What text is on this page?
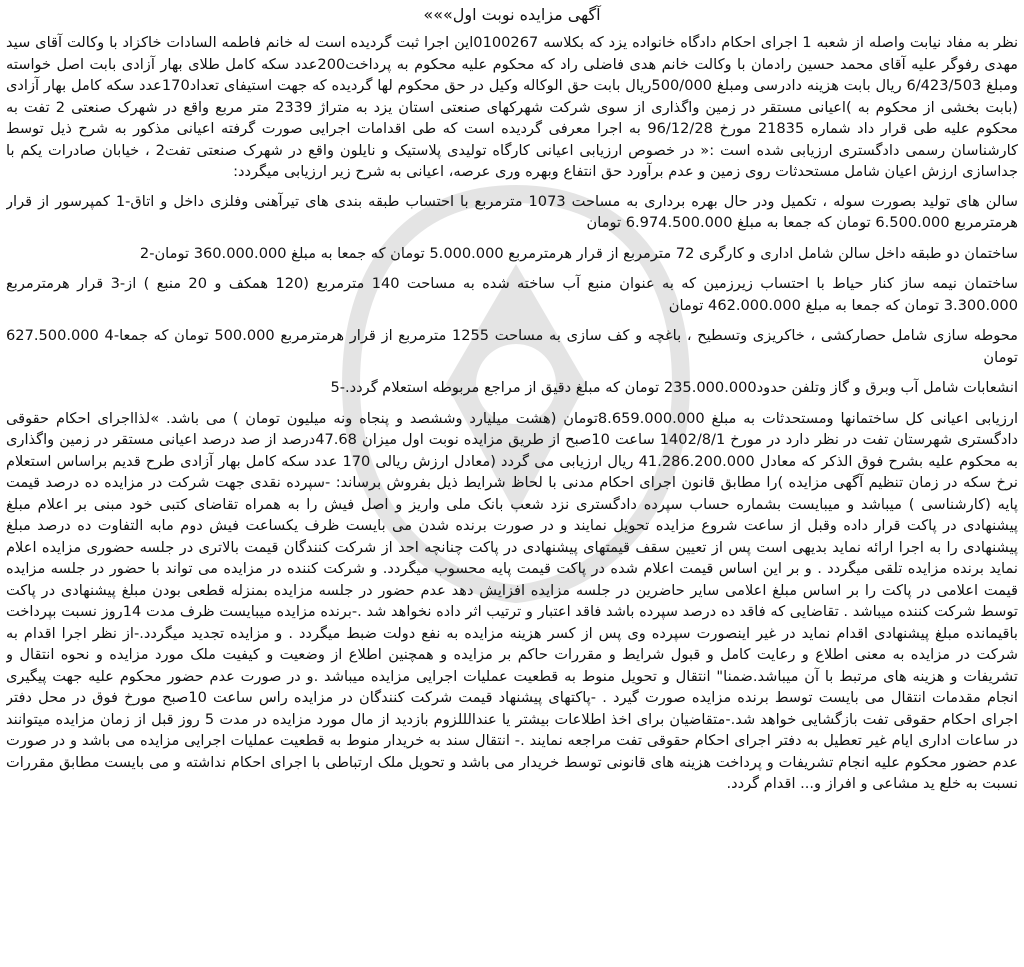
آگهی مزایده نوبت اول»»»

نظر به مفاد نیابت واصله از شعبه 1 اجرای احکام دادگاه خانواده یزد که بکلاسه 0100267این اجرا ثبت گردیده است له خانم فاطمه السادات خاکزاد با وکالت آقای سید مهدی رفوگر علیه آقای محمد حسین رادمان با وکالت خانم هدی فاضلی راد که محکوم علیه محکوم به پرداخت200عدد سکه کامل طلای بهار آزادی بابت اصل خواسته ومبلغ 6/423/503 ریال بابت هزینه دادرسی ومبلغ 500/000ریال بابت حق الوکاله وکیل در حق محکوم لها گردیده که جهت استیفای تعداد170عدد سکه کامل بهار آزادی (بابت بخشی از محکوم به )اعیانی مستقر در زمین واگذاری از سوی شرکت شهرکهای صنعتی استان یزد به متراژ 2339 متر مربع واقع در شهرک صنعتی 2 تفت به محکوم علیه طی قرار داد شماره 21835 مورخ 96/12/28 به اجرا معرفی گردیده است که طی اقدامات اجرایی صورت گرفته اعیانی مذکور به شرح ذیل توسط کارشناسان رسمی دادگستری ارزیابی شده است :« در خصوص ارزیابی اعیانی کارگاه تولیدی پلاستیک و نایلون واقع در شهرک صنعتی تفت2 ، خیابان صادرات یکم با جداسازی ارزش اعیان شامل مستحدثات روی زمین و عدم برآورد حق انتفاع وبهره وری عرصه، اعیانی به شرح زیر ارزیابی میگردد:

سالن های تولید بصورت سوله ، تکمیل ودر حال بهره برداری به مساحت 1073 مترمربع با احتساب طبقه بندی های تیرآهنی وفلزی داخل و اتاق-1 کمپرسور از قرار هرمترمربع 6.500.000 تومان که جمعا به مبلغ 6.974.500.000 تومان

ساختمان دو طبقه داخل سالن شامل اداری و کارگری 72 مترمربع از قرار هرمترمربع 5.000.000 تومان که جمعا به مبلغ 360.000.000 تومان-2

ساختمان نیمه ساز کنار حیاط با احتساب زیرزمین که به عنوان منبع آب ساخته شده به مساحت 140 مترمربع (120 همکف و 20 منبع ) از-3 قرار هرمترمربع 3.300.000 تومان که جمعا به مبلغ 462.000.000 تومان

محوطه سازی شامل حصارکشی ، خاکریزی وتسطیح ، باغچه و کف سازی به مساحت 1255 مترمربع از قرار هرمترمربع 500.000 تومان که جمعا-4 627.500.000 تومان

انشعابات شامل آب وبرق و گاز وتلفن حدود235.000.000 تومان که مبلغ دقیق از مراجع مربوطه استعلام گردد.-5

ارزیابی اعیانی کل ساختمانها ومستحدثات به مبلغ 8.659.000.000تومان (هشت میلیارد وششصد و پنجاه ونه میلیون تومان ) می باشد. »لذااجرای احکام حقوقی دادگستری شهرستان تفت در نظر دارد در مورخ 1402/8/1 ساعت 10صبح از طریق مزایده نوبت اول میزان 47.68درصد از صد درصد اعیانی مستقر در زمین واگذاری به محکوم علیه بشرح فوق الذکر که معادل 41.286.200.000 ریال ارزیابی می گردد (معادل ارزش ریالی 170 عدد سکه کامل بهار آزادی طرح قدیم براساس استعلام نرخ سکه در زمان تنظیم آگهی مزایده )را مطابق قانون اجرای احکام مدنی با لحاظ شرایط ذیل بفروش برساند: -سپرده نقدی جهت شرکت در مزایده ده درصد قیمت پایه (کارشناسی ) میباشد و میبایست بشماره حساب سپرده دادگستری نزد شعب بانک ملی واریز و اصل فیش را به همراه تقاضای کتبی خود مبنی بر اعلام مبلغ پیشنهادی در پاکت قرار داده وقبل از ساعت شروع مزایده تحویل نمایند و در صورت برنده شدن می بایست ظرف یکساعت فیش دوم مابه التفاوت ده درصد مبلغ پیشنهادی را به اجرا ارائه نماید بدیهی است پس از تعیین سقف قیمتهای پیشنهادی در پاکت چنانچه احد از شرکت کنندگان قیمت بالاتری در جلسه حضوری مزایده اعلام نماید برنده مزایده تلقی میگردد . و بر این اساس قیمت اعلام شده در پاکت قیمت پایه محسوب میگردد. و شرکت کننده در مزایده می تواند با حضور در جلسه مزایده قیمت اعلامی در پاکت را بر اساس مبلغ اعلامی سایر حاضرین در جلسه مزایده افزایش دهد عدم حضور در جلسه مزایده بمنزله قطعی بودن مبلغ پیشنهادی در پاکت توسط شرکت کننده میباشد . تقاضایی که فاقد ده درصد سپرده باشد فاقد اعتبار و ترتیب اثر داده نخواهد شد .-برنده مزایده میبایست ظرف مدت 14روز نسبت بپرداخت باقیمانده مبلغ پیشنهادی اقدام نماید در غیر اینصورت سپرده وی پس از کسر هزینه مزایده به نفع دولت ضبط میگردد . و مزایده تجدید میگردد.-از نظر اجرا اقدام به شرکت در مزایده به معنی اطلاع و رعایت کامل و قبول شرایط و مقررات حاکم بر مزایده و همچنین اطلاع از وضعیت و کیفیت ملک مورد مزایده و نحوه انتقال و تشریفات و هزینه های مرتبط با آن میباشد.ضمنا" انتقال و تحویل منوط به قطعیت عملیات اجرایی مزایده میباشد .و در صورت عدم حضور محکوم علیه جهت پیگیری انجام مقدمات انتقال می بایست توسط برنده مزایده صورت گیرد . -پاکتهای پیشنهاد قیمت شرکت کنندگان در مزایده راس ساعت 10صبح مورخ فوق در محل دفتر اجرای احکام حقوقی تفت بازگشایی خواهد شد.-متقاضیان برای اخذ اطلاعات بیشتر یا عندالللزوم بازدید از مال مورد مزایده در مدت 5 روز قبل از زمان مزایده میتوانند در ساعات اداری ایام غیر تعطیل به دفتر اجرای احکام حقوقی تفت مراجعه نمایند .- انتقال سند به خریدار منوط به قطعیت عملیات اجرایی مزایده می باشد و در صورت عدم حضور محکوم علیه انجام تشریفات و پرداخت هزینه های قانونی توسط خریدار می باشد و تحویل ملک ارتباطی با اجرای احکام نداشته و می بایست مطابق مقررات نسبت به خلع ید مشاعی و افراز و... اقدام گردد.
